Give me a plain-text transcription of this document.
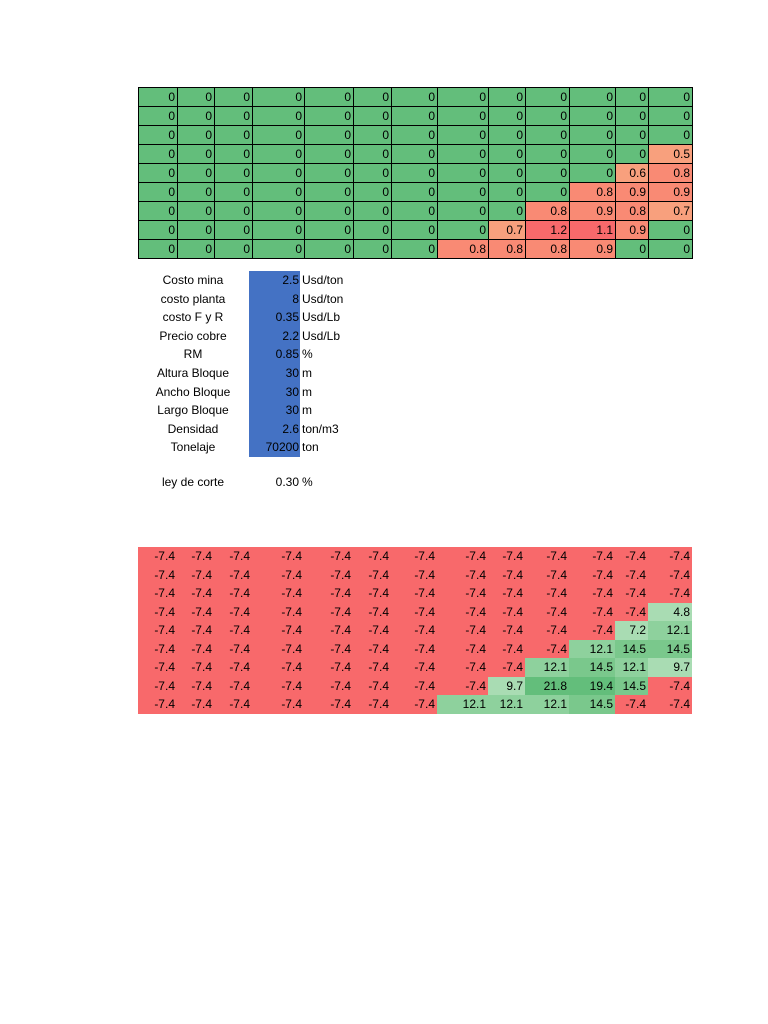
0	0	0	0	0	0	0	0	0	0	0	0	0
0	0	0	0	0	0	0	0	0	0	0	0	0
0	0	0	0	0	0	0	0	0	0	0	0	0
0	0	0	0	0	0	0	0	0	0	0	0	0.5
0	0	0	0	0	0	0	0	0	0	0	0.6	0.8
0	0	0	0	0	0	0	0	0	0	0.8	0.9	0.9
0	0	0	0	0	0	0	0	0	0.8	0.9	0.8	0.7
0	0	0	0	0	0	0	0	0.7	1.2	1.1	0.9	0
0	0	0	0	0	0	0	0.8	0.8	0.8	0.9	0	0
Costo mina	2.5 Usd/ton
costo planta	8 Usd/ton
costo F y R	0.35 Usd/Lb
Precio cobre	2.2 Usd/Lb
RM	0.85 %
Altura Bloque	30 m
Ancho Bloque	30 m
Largo Bloque	30 m
Densidad	2.6 ton/m3
Tonelaje	70200 ton
ley de corte	0.30 %
-7.4	-7.4	-7.4	-7.4	-7.4	-7.4	-7.4	-7.4	-7.4	-7.4	-7.4	-7.4	-7.4
-7.4	-7.4	-7.4	-7.4	-7.4	-7.4	-7.4	-7.4	-7.4	-7.4	-7.4	-7.4	-7.4
-7.4	-7.4	-7.4	-7.4	-7.4	-7.4	-7.4	-7.4	-7.4	-7.4	-7.4	-7.4	-7.4
-7.4	-7.4	-7.4	-7.4	-7.4	-7.4	-7.4	-7.4	-7.4	-7.4	-7.4	-7.4	4.8
-7.4	-7.4	-7.4	-7.4	-7.4	-7.4	-7.4	-7.4	-7.4	-7.4	-7.4	7.2	12.1
-7.4	-7.4	-7.4	-7.4	-7.4	-7.4	-7.4	-7.4	-7.4	-7.4	12.1	14.5	14.5
-7.4	-7.4	-7.4	-7.4	-7.4	-7.4	-7.4	-7.4	-7.4	12.1	14.5	12.1	9.7
-7.4	-7.4	-7.4	-7.4	-7.4	-7.4	-7.4	-7.4	9.7	21.8	19.4	14.5	-7.4
-7.4	-7.4	-7.4	-7.4	-7.4	-7.4	-7.4	12.1	12.1	12.1	14.5	-7.4	-7.4
